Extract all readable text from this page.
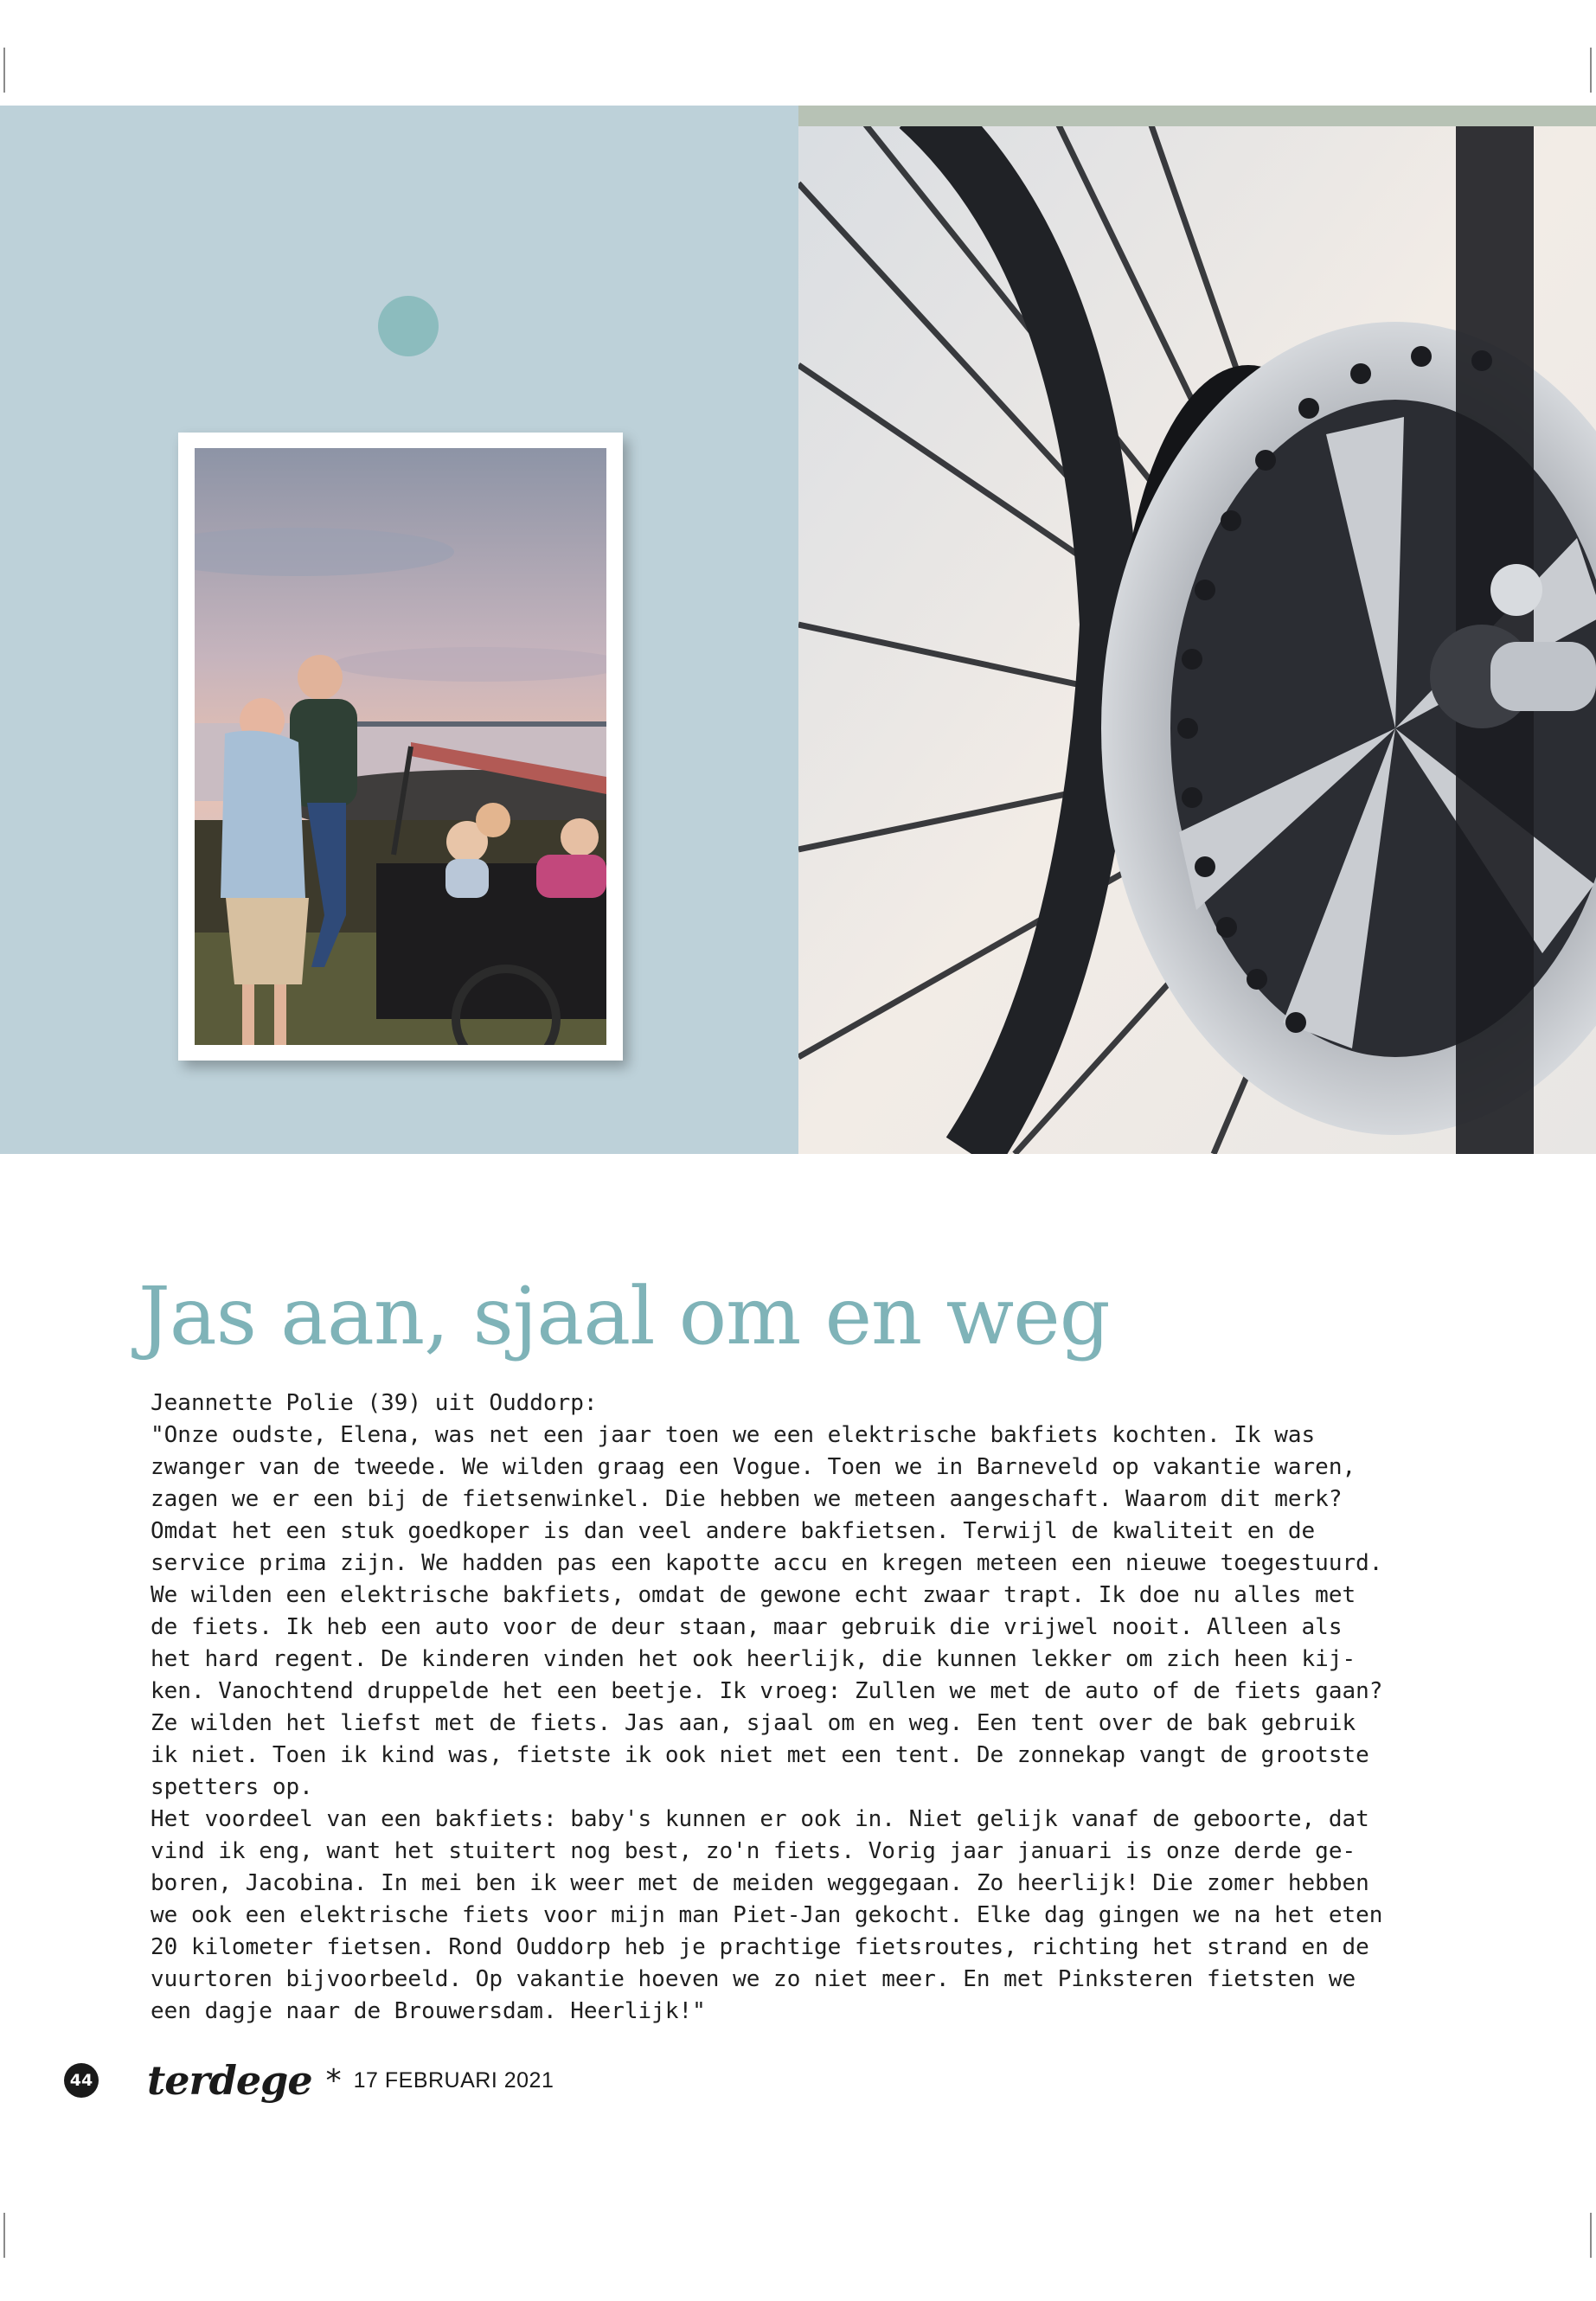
Jas aan, sjaal om en weg

Jeannette Polie (39) uit Ouddorp:

"Onze oudste, Elena, was net een jaar toen we een elektrische bakfiets kochten. Ik was

zwanger van de tweede. We wilden graag een Vogue. Toen we in Barneveld op vakantie waren,

zagen we er een bij de fietsenwinkel. Die hebben we meteen aangeschaft. Waarom dit merk?

Omdat het een stuk goedkoper is dan veel andere bakfietsen. Terwijl de kwaliteit en de

service prima zijn. We hadden pas een kapotte accu en kregen meteen een nieuwe toegestuurd.

We wilden een elektrische bakfiets, omdat de gewone echt zwaar trapt. Ik doe nu alles met

de fiets. Ik heb een auto voor de deur staan, maar gebruik die vrijwel nooit. Alleen als

het hard regent. De kinderen vinden het ook heerlijk, die kunnen lekker om zich heen kij-

ken. Vanochtend druppelde het een beetje. Ik vroeg: Zullen we met de auto of de fiets gaan?

Ze wilden het liefst met de fiets. Jas aan, sjaal om en weg. Een tent over de bak gebruik

ik niet. Toen ik kind was, fietste ik ook niet met een tent. De zonnekap vangt de grootste

spetters op.

Het voordeel van een bakfiets: baby's kunnen er ook in. Niet gelijk vanaf de geboorte, dat

vind ik eng, want het stuitert nog best, zo'n fiets. Vorig jaar januari is onze derde ge-

boren, Jacobina. In mei ben ik weer met de meiden weggegaan. Zo heerlijk! Die zomer hebben

we ook een elektrische fiets voor mijn man Piet-Jan gekocht. Elke dag gingen we na het eten

20 kilometer fietsen. Rond Ouddorp heb je prachtige fietsroutes, richting het strand en de

vuurtoren bijvoorbeeld. Op vakantie hoeven we zo niet meer. En met Pinksteren fietsten we

een dagje naar de Brouwersdam. Heerlijk!"

44 terdege * 17 FEBRUARI 2021
